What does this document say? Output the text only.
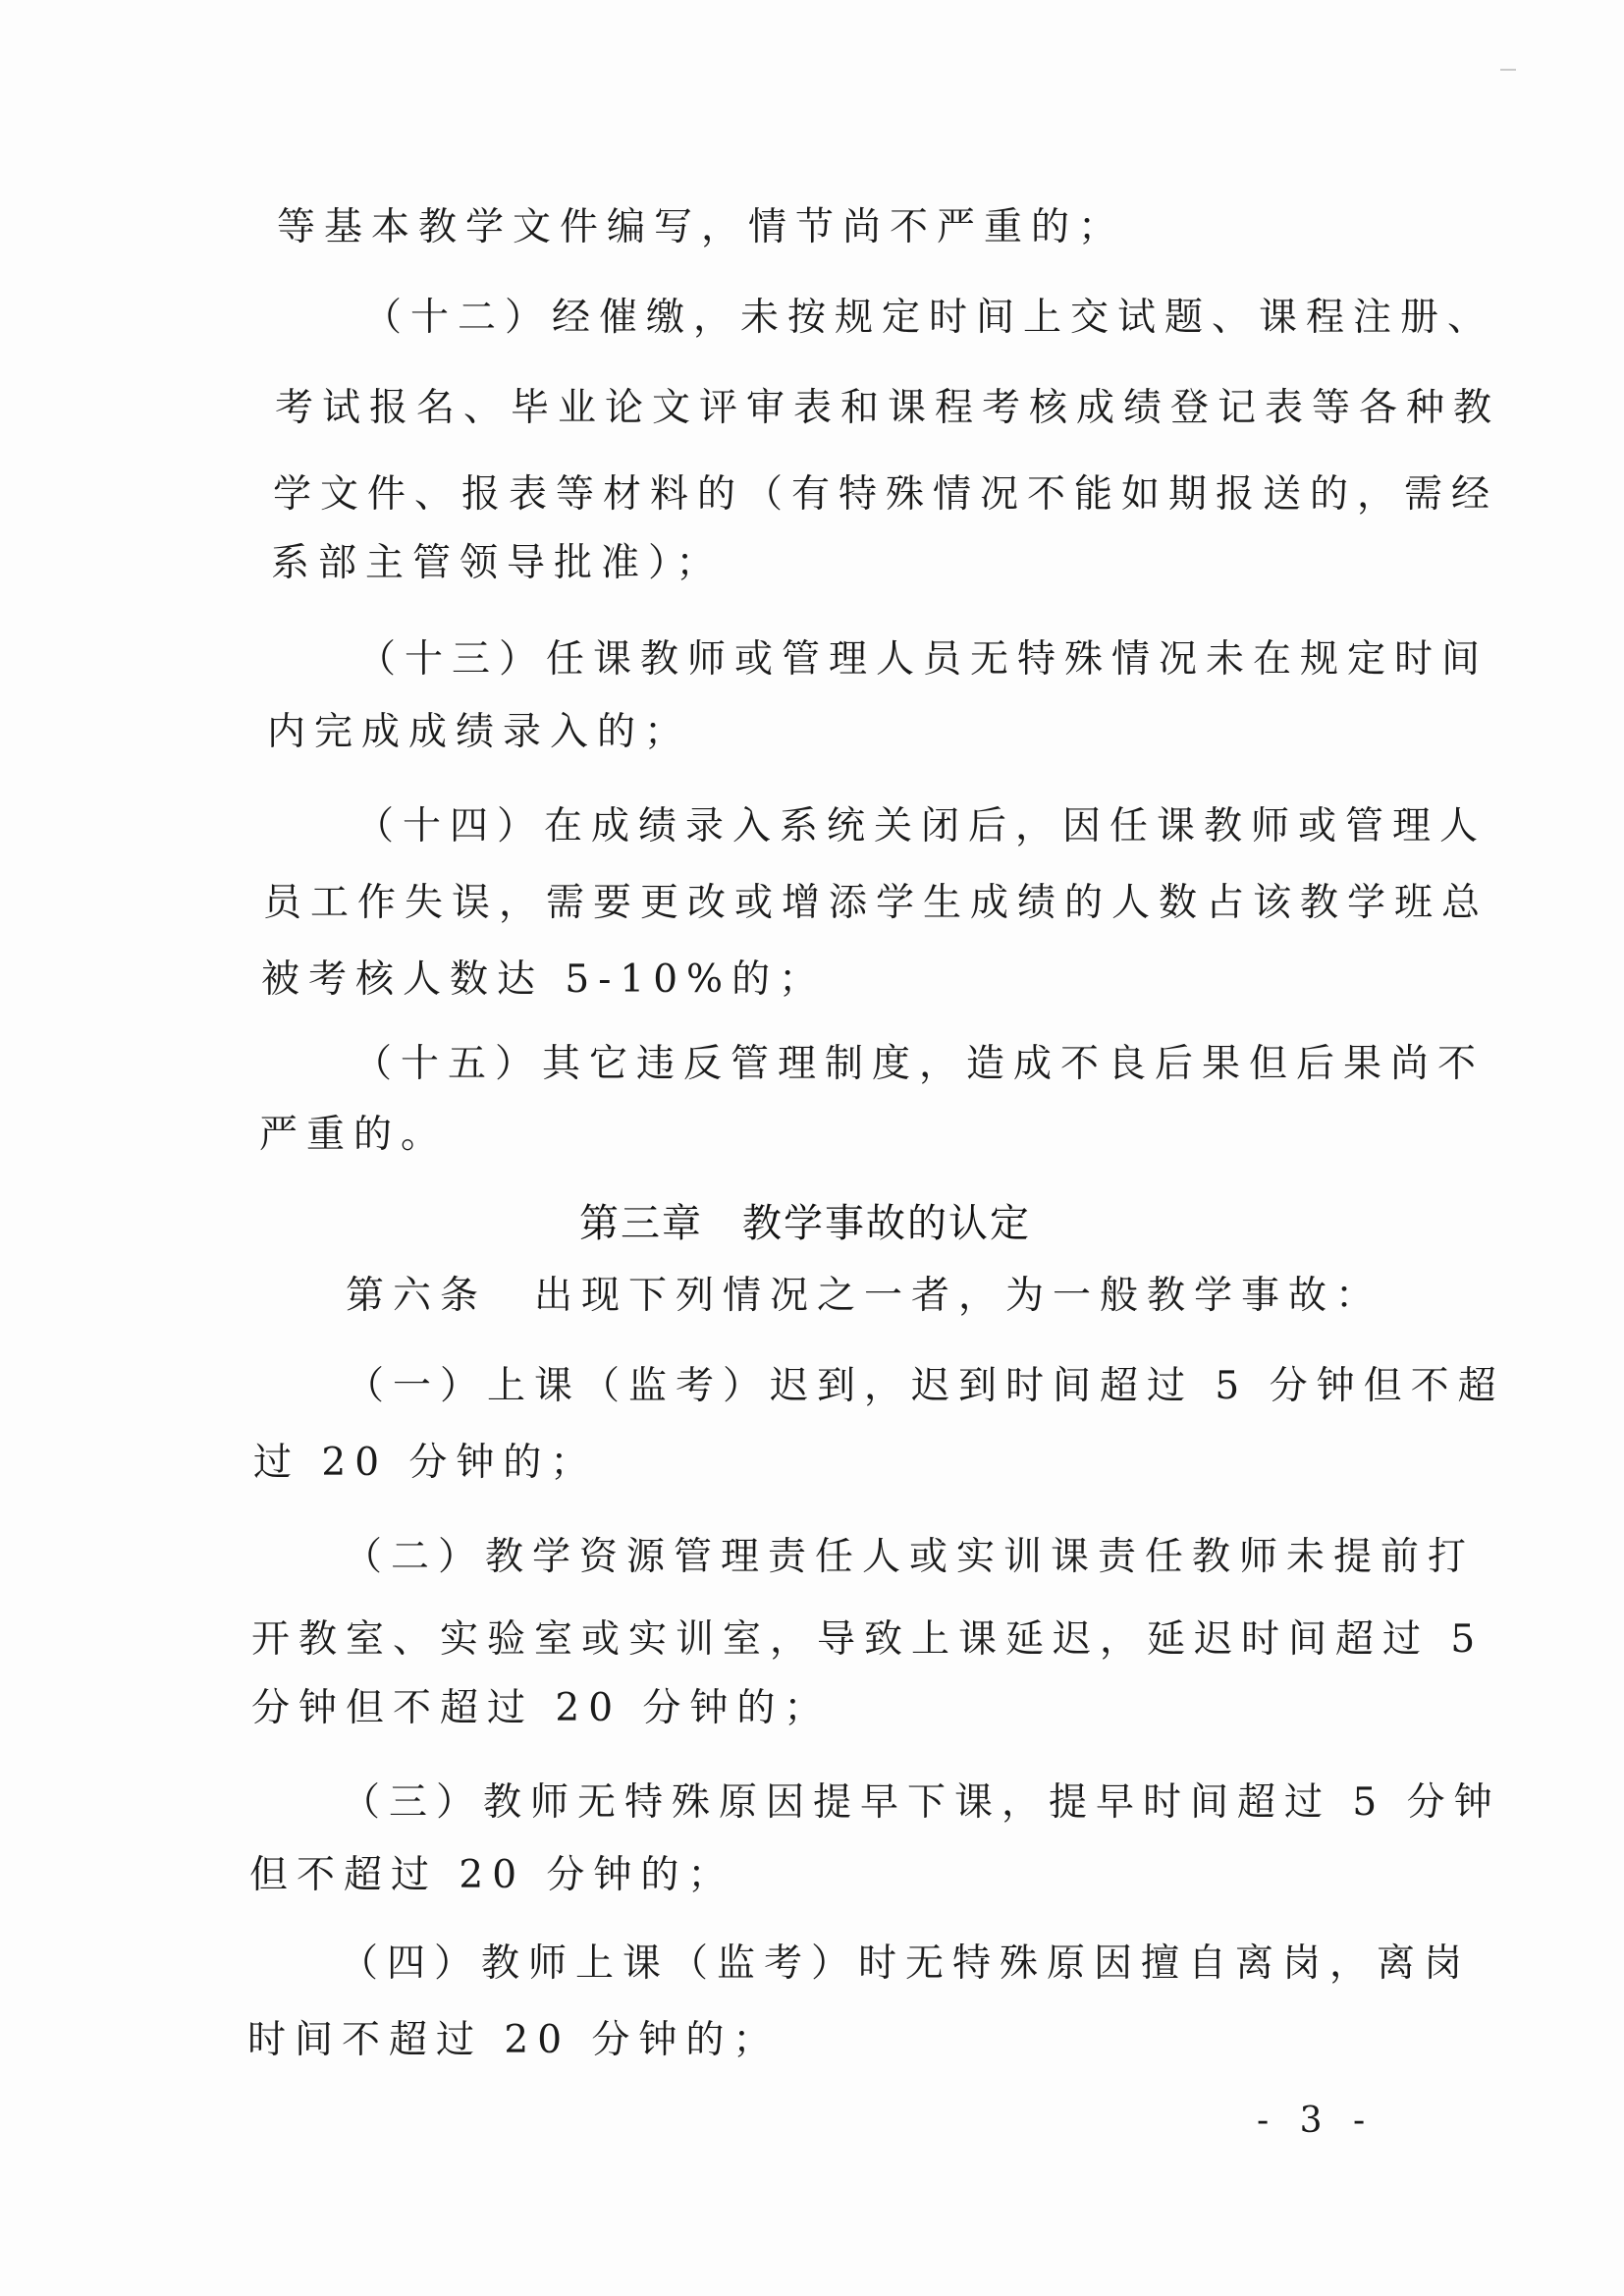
等基本教学文件编写，情节尚不严重的；
（十二）经催缴，未按规定时间上交试题、课程注册、
考试报名、毕业论文评审表和课程考核成绩登记表等各种教
学文件、报表等材料的（有特殊情况不能如期报送的，需经
系部主管领导批准）；
（十三）任课教师或管理人员无特殊情况未在规定时间
内完成成绩录入的；
（十四）在成绩录入系统关闭后，因任课教师或管理人
员工作失误，需要更改或增添学生成绩的人数占该教学班总
被考核人数达 5-10%的；
（十五）其它违反管理制度，造成不良后果但后果尚不
严重的。
第三章 教学事故的认定
第六条　出现下列情况之一者，为一般教学事故：
（一）上课（监考）迟到，迟到时间超过 5 分钟但不超
过 20 分钟的；
（二）教学资源管理责任人或实训课责任教师未提前打
开教室、实验室或实训室，导致上课延迟，延迟时间超过 5
分钟但不超过 20 分钟的；
（三）教师无特殊原因提早下课，提早时间超过 5 分钟
但不超过 20 分钟的；
（四）教师上课（监考）时无特殊原因擅自离岗，离岗
时间不超过 20 分钟的；
- 3 -
